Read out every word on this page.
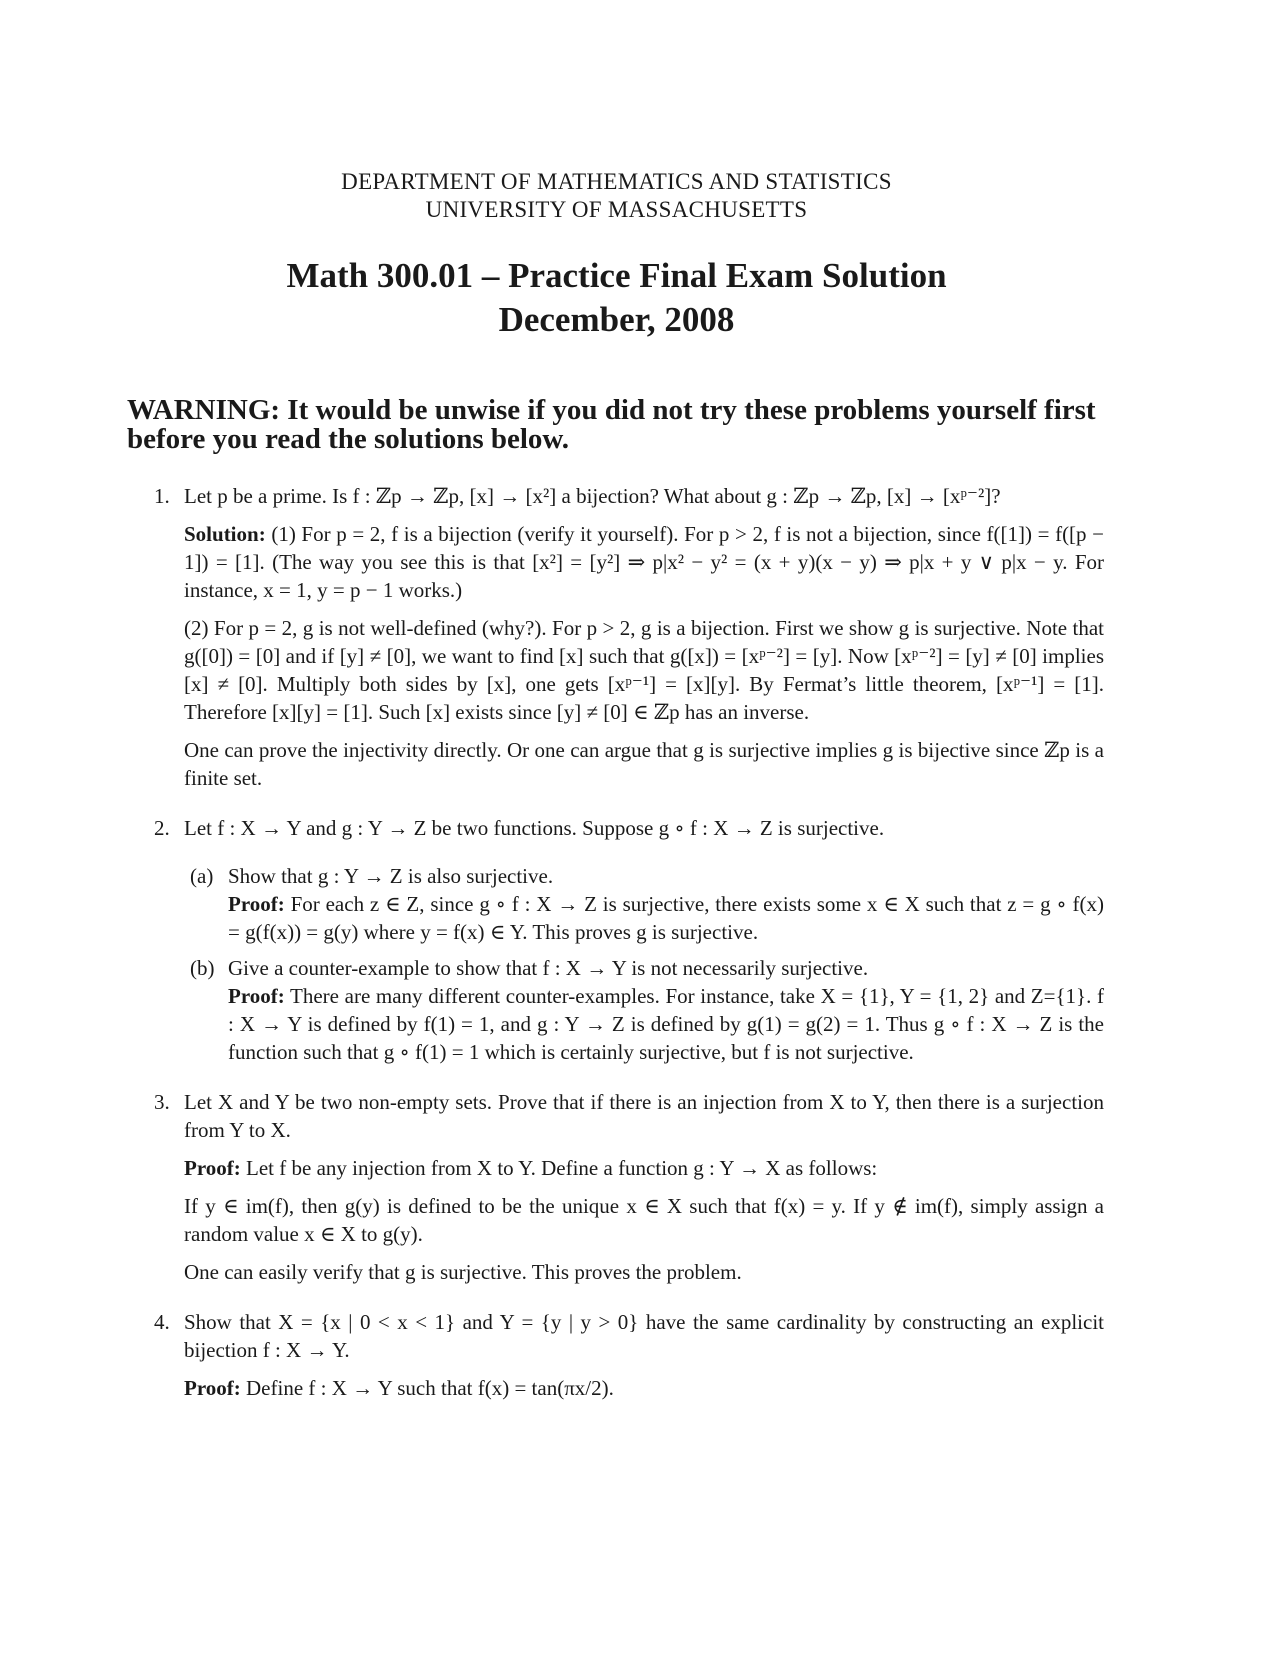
DEPARTMENT OF MATHEMATICS AND STATISTICS
UNIVERSITY OF MASSACHUSETTS
Math 300.01 – Practice Final Exam Solution
December, 2008
WARNING: It would be unwise if you did not try these problems yourself first before you read the solutions below.
1. Let p be a prime. Is f : ℤp → ℤp, [x] → [x²] a bijection? What about g : ℤp → ℤp, [x] → [xᵖ⁻²]?

Solution: (1) For p = 2, f is a bijection (verify it yourself). For p > 2, f is not a bijection, since f([1]) = f([p − 1]) = [1]. (The way you see this is that [x²] = [y²] ⇒ p|x² − y² = (x + y)(x − y) ⇒ p|x + y ∨ p|x − y. For instance, x = 1, y = p − 1 works.)

(2) For p = 2, g is not well-defined (why?). For p > 2, g is a bijection. First we show g is surjective. Note that g([0]) = [0] and if [y] ≠ [0], we want to find [x] such that g([x]) = [xᵖ⁻²] = [y]. Now [xᵖ⁻²] = [y] ≠ [0] implies [x] ≠ [0]. Multiply both sides by [x], one gets [xᵖ⁻¹] = [x][y]. By Fermat’s little theorem, [xᵖ⁻¹] = [1]. Therefore [x][y] = [1]. Such [x] exists since [y] ≠ [0] ∈ ℤp has an inverse.

One can prove the injectivity directly. Or one can argue that g is surjective implies g is bijective since ℤp is a finite set.

2. Let f : X → Y and g : Y → Z be two functions. Suppose g ∘ f : X → Z is surjective.

(a) Show that g : Y → Z is also surjective.

Proof: For each z ∈ Z, since g ∘ f : X → Z is surjective, there exists some x ∈ X such that z = g ∘ f(x) = g(f(x)) = g(y) where y = f(x) ∈ Y. This proves g is surjective.

(b) Give a counter-example to show that f : X → Y is not necessarily surjective.

Proof: There are many different counter-examples. For instance, take X = {1}, Y = {1, 2} and Z={1}. f : X → Y is defined by f(1) = 1, and g : Y → Z is defined by g(1) = g(2) = 1. Thus g ∘ f : X → Z is the function such that g ∘ f(1) = 1 which is certainly surjective, but f is not surjective.

3. Let X and Y be two non-empty sets. Prove that if there is an injection from X to Y, then there is a surjection from Y to X.

Proof: Let f be any injection from X to Y. Define a function g : Y → X as follows:

If y ∈ im(f), then g(y) is defined to be the unique x ∈ X such that f(x) = y. If y ∉ im(f), simply assign a random value x ∈ X to g(y).

One can easily verify that g is surjective. This proves the problem.

4. Show that X = {x | 0 < x < 1} and Y = {y | y > 0} have the same cardinality by constructing an explicit bijection f : X → Y.

Proof: Define f : X → Y such that f(x) = tan(πx/2).
